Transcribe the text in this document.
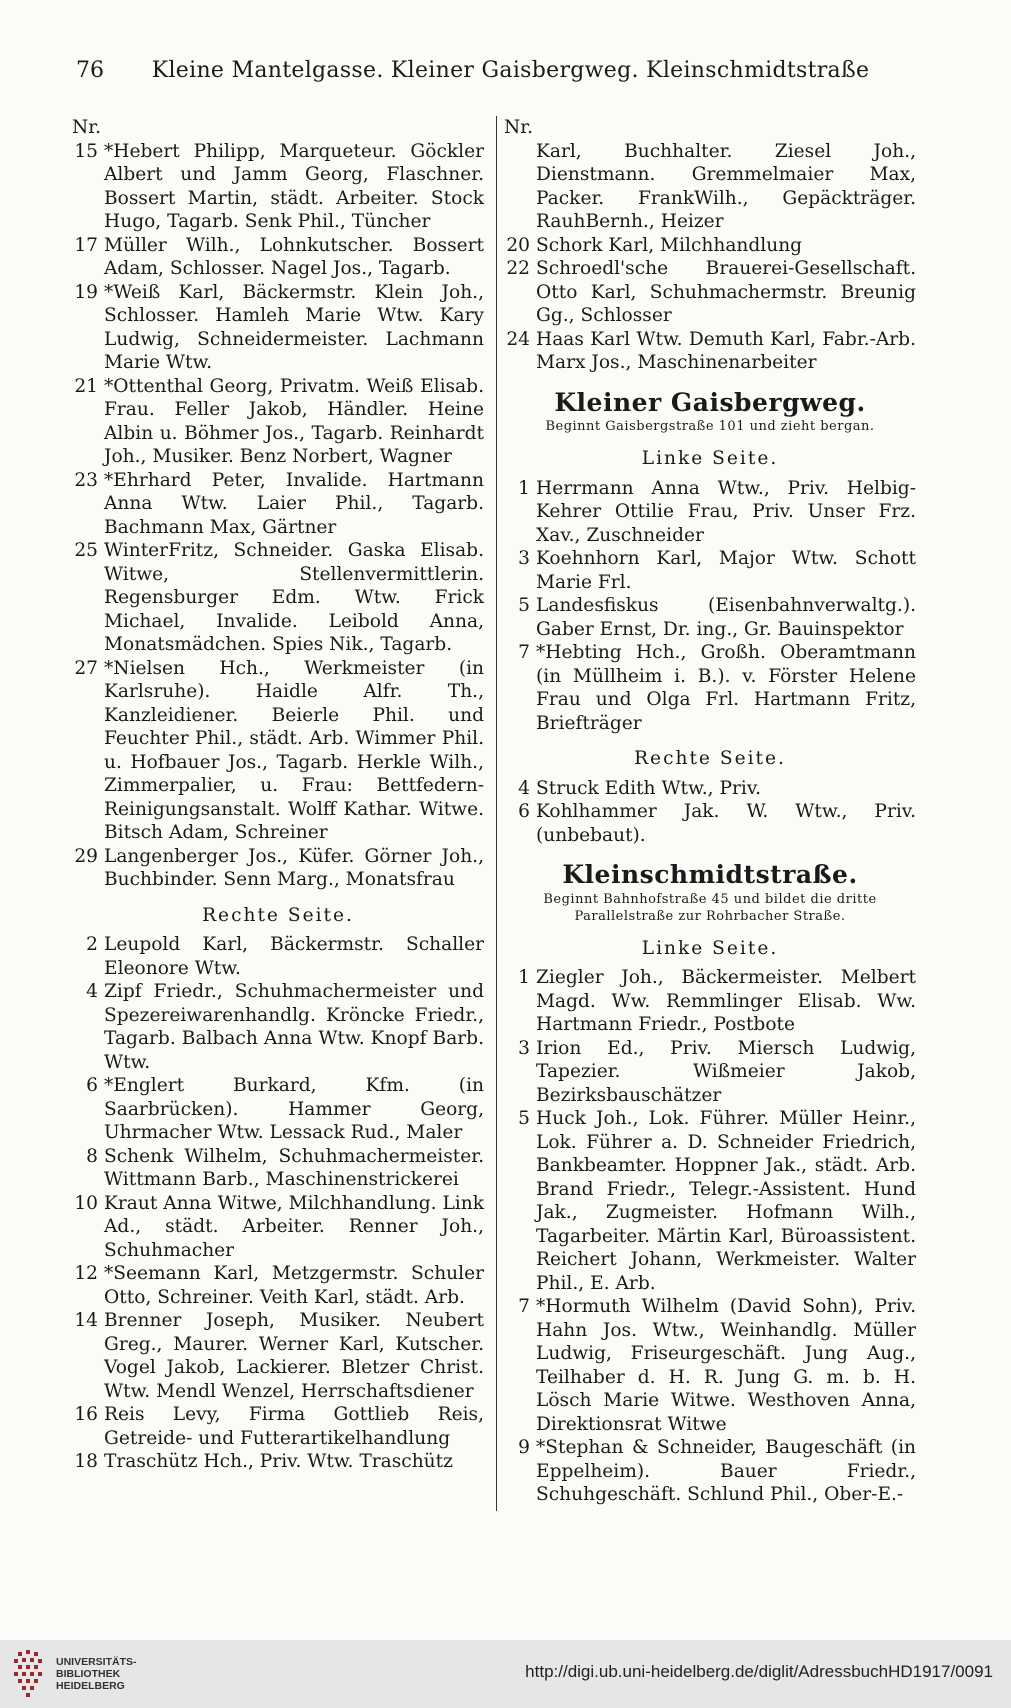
76	Kleine Mantelgasse. Kleiner Gaisbergweg. Kleinschmidtstraße
Nr.
15 *Hebert Philipp, Marqueteur. Göckler Albert und Jamm Georg, Flaschner. Bossert Martin, städt. Arbeiter. Stock Hugo, Tagarb. Senk Phil., Tüncher
17 Müller Wilh., Lohnkutscher. Bossert Adam, Schlosser. Nagel Jos., Tagarb.
19 *Weiß Karl, Bäckermstr. Klein Joh., Schlosser. Hamleh Marie Wtw. Kary Ludwig, Schneidermeister. Lachmann Marie Wtw.
21 *Ottenthal Georg, Privatm. Weiß Elisab. Frau. Feller Jakob, Händler. Heine Albin u. Böhmer Jos., Tagarb. Reinhardt Joh., Musiker. Benz Norbert, Wagner
23 *Ehrhard Peter, Invalide. Hartmann Anna Wtw. Laier Phil., Tagarb. Bachmann Max, Gärtner
25 WinterFritz, Schneider. Gaska Elisab. Witwe, Stellenvermittlerin. Regensburger Edm. Wtw. Frick Michael, Invalide. Leibold Anna, Monatsmädchen. Spies Nik., Tagarb.
27 *Nielsen Hch., Werkmeister (in Karlsruhe). Haidle Alfr. Th., Kanzleidiener. Beierle Phil. und Feuchter Phil., städt. Arb. Wimmer Phil. u. Hofbauer Jos., Tagarb. Herkle Wilh., Zimmerpalier, u. Frau: Bettfedern-Reinigungsanstalt. Wolff Kathar. Witwe. Bitsch Adam, Schreiner
29 Langenberger Jos., Küfer. Görner Joh., Buchbinder. Senn Marg., Monatsfrau
Rechte Seite.
2 Leupold Karl, Bäckermstr. Schaller Eleonore Wtw.
4 Zipf Friedr., Schuhmachermeister und Spezereiwarenhandlg. Kröncke Friedr., Tagarb. Balbach Anna Wtw. Knopf Barb. Wtw.
6 *Englert Burkard, Kfm. (in Saarbrücken). Hammer Georg, Uhrmacher Wtw. Lessack Rud., Maler
8 Schenk Wilhelm, Schuhmachermeister. Wittmann Barb., Maschinenstrickerei
10 Kraut Anna Witwe, Milchhandlung. Link Ad., städt. Arbeiter. Renner Joh., Schuhmacher
12 *Seemann Karl, Metzgermstr. Schuler Otto, Schreiner. Veith Karl, städt. Arb.
14 Brenner Joseph, Musiker. Neubert Greg., Maurer. Werner Karl, Kutscher. Vogel Jakob, Lackierer. Bletzer Christ. Wtw. Mendl Wenzel, Herrschaftsdiener
16 Reis Levy, Firma Gottlieb Reis, Getreide- und Futterartikelhandlung
18 Traschütz Hch., Priv. Wtw. Traschütz
Nr.
Karl, Buchhalter. Ziesel Joh., Dienstmann. Gremmelmaier Max, Packer. FrankWilh., Gepäckträger. RauhBernh., Heizer
20 Schork Karl, Milchhandlung
22 Schroedl'sche Brauerei-Gesellschaft. Otto Karl, Schuhmachermstr. Breunig Gg., Schlosser
24 Haas Karl Wtw. Demuth Karl, Fabr.-Arb. Marx Jos., Maschinenarbeiter
Kleiner Gaisbergweg.
Beginnt Gaisbergstraße 101 und zieht bergan.
Linke Seite.
1 Herrmann Anna Wtw., Priv. Helbig-Kehrer Ottilie Frau, Priv. Unser Frz. Xav., Zuschneider
3 Koehnhorn Karl, Major Wtw. Schott Marie Frl.
5 Landesfiskus (Eisenbahnverwaltg.). Gaber Ernst, Dr. ing., Gr. Bauinspektor
7 *Hebting Hch., Großh. Oberamtmann (in Müllheim i. B.). v. Förster Helene Frau und Olga Frl. Hartmann Fritz, Briefträger
Rechte Seite.
4 Struck Edith Wtw., Priv.
6 Kohlhammer Jak. W. Wtw., Priv. (unbebaut).
Kleinschmidtstraße.
Beginnt Bahnhofstraße 45 und bildet die dritte Parallelstraße zur Rohrbacher Straße.
Linke Seite.
1 Ziegler Joh., Bäckermeister. Melbert Magd. Ww. Remmlinger Elisab. Ww. Hartmann Friedr., Postbote
3 Irion Ed., Priv. Miersch Ludwig, Tapezier. Wißmeier Jakob, Bezirksbauschätzer
5 Huck Joh., Lok. Führer. Müller Heinr., Lok. Führer a. D. Schneider Friedrich, Bankbeamter. Hoppner Jak., städt. Arb. Brand Friedr., Telegr.-Assistent. Hund Jak., Zugmeister. Hofmann Wilh., Tagarbeiter. Märtin Karl, Büroassistent. Reichert Johann, Werkmeister. Walter Phil., E. Arb.
7 *Hormuth Wilhelm (David Sohn), Priv. Hahn Jos. Wtw., Weinhandlg. Müller Ludwig, Friseurgeschäft. Jung Aug., Teilhaber d. H. R. Jung G. m. b. H. Lösch Marie Witwe. Westhoven Anna, Direktionsrat Witwe
9 *Stephan & Schneider, Baugeschäft (in Eppelheim). Bauer Friedr., Schuhgeschäft. Schlund Phil., Ober-E.-
UNIVERSITÄTS-
BIBLIOTHEK
HEIDELBERG
http://digi.ub.uni-heidelberg.de/diglit/AdressbuchHD1917/0091
